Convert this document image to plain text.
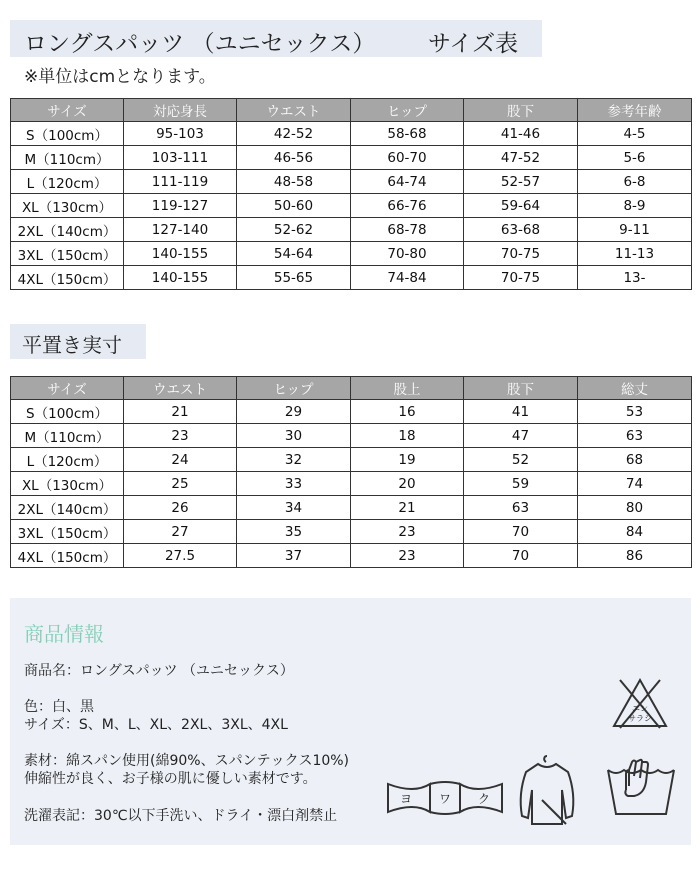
ロングスパッツ （ユニセックス） サイズ表
※単位はcmとなります。
サイズ	対応身長	ウエスト	ヒップ	股下	参考年齢
S（100cm）	95-103	42-52	58-68	41-46	4-5
M（110cm）	103-111	46-56	60-70	47-52	5-6
L（120cm）	111-119	48-58	64-74	52-57	6-8
XL（130cm）	119-127	50-60	66-76	59-64	8-9
2XL（140cm）	127-140	52-62	68-78	63-68	9-11
3XL（150cm）	140-155	54-64	70-80	70-75	11-13
4XL（150cm）	140-155	55-65	74-84	70-75	13-
平置き実寸
サイズ	ウエスト	ヒップ	股上	股下	総丈
S（100cm）	21	29	16	41	53
M（110cm）	23	30	18	47	63
L（120cm）	24	32	19	52	68
XL（130cm）	25	33	20	59	74
2XL（140cm）	26	34	21	63	80
3XL（150cm）	27	35	23	70	84
4XL（150cm）	27.5	37	23	70	86
商品情報
商品名：ロングスパッツ （ユニセックス）
色：白、黒
サイズ：S、M、L、XL、2XL、3XL、4XL
素材：綿スパン使用(綿90%、スパンテックス10%)
伸縮性が良く、お子様の肌に優しい素材です。
洗濯表記：30℃以下手洗い、ドライ・漂白剤禁止
エン
サラシ
ヨ ワ ク
